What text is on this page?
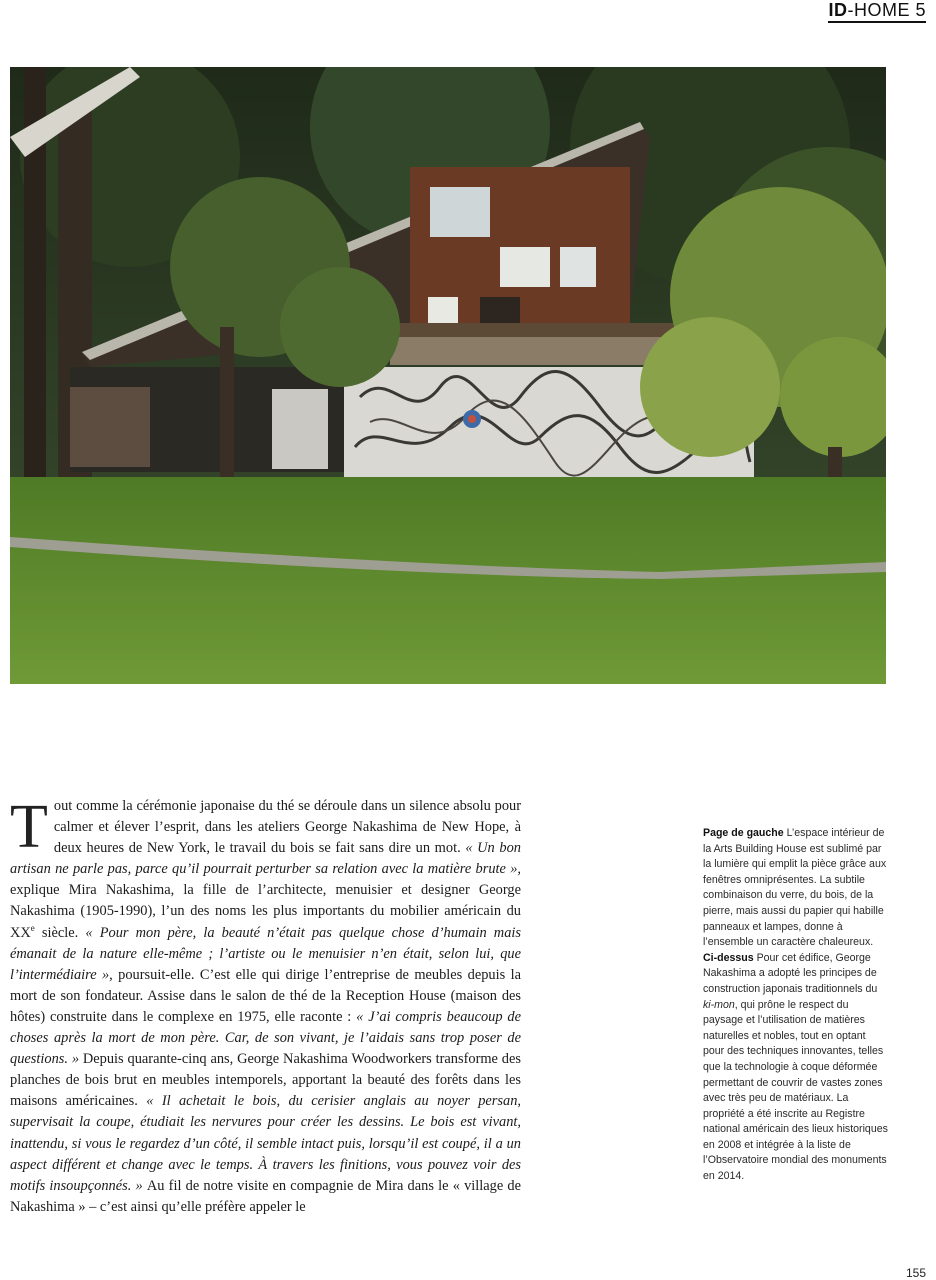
ID-HOME 5

Tout comme la cérémonie japonaise du thé se déroule dans un silence absolu pour calmer et élever l’esprit, dans les ateliers George Nakashima de New Hope, à deux heures de New York, le travail du bois se fait sans dire un mot. « Un bon artisan ne parle pas, parce qu’il pourrait perturber sa relation avec la matière brute », explique Mira Nakashima, la fille de l’architecte, menuisier et designer George Nakashima (1905-1990), l’un des noms les plus importants du mobilier américain du XXe siècle. « Pour mon père, la beauté n’était pas quelque chose d’humain mais émanait de la nature elle-même ; l’artiste ou le menuisier n’en était, selon lui, que l’intermédiaire », poursuit-elle. C’est elle qui dirige l’entreprise de meubles depuis la mort de son fondateur. Assise dans le salon de thé de la Reception House (maison des hôtes) construite dans le complexe en 1975, elle raconte : « J’ai compris beaucoup de choses après la mort de mon père. Car, de son vivant, je l’aidais sans trop poser de questions. » Depuis quarante-cinq ans, George Nakashima Woodworkers transforme des planches de bois brut en meubles intemporels, apportant la beauté des forêts dans les maisons américaines. « Il achetait le bois, du cerisier anglais au noyer persan, supervisait la coupe, étudiait les nervures pour créer les dessins. Le bois est vivant, inattendu, si vous le regardez d’un côté, il semble intact puis, lorsqu’il est coupé, il a un aspect différent et change avec le temps. À travers les finitions, vous pouvez voir des motifs insoupçonnés. » Au fil de notre visite en compagnie de Mira dans le « village de Nakashima » – c’est ainsi qu’elle préfère appeler le

Page de gauche L’espace intérieur de la Arts Building House est sublimé par la lumière qui emplit la pièce grâce aux fenêtres omniprésentes. La subtile combinaison du verre, du bois, de la pierre, mais aussi du papier qui habille panneaux et lampes, donne à l’ensemble un caractère chaleureux. Ci-dessus Pour cet édifice, George Nakashima a adopté les principes de construction japonais traditionnels du ki-mon, qui prône le respect du paysage et l’utilisation de matières naturelles et nobles, tout en optant pour des techniques innovantes, telles que la technologie à coque déformée permettant de couvrir de vastes zones avec très peu de matériaux. La propriété a été inscrite au Registre national américain des lieux historiques en 2008 et intégrée à la liste de l’Observatoire mondial des monuments en 2014.

155
